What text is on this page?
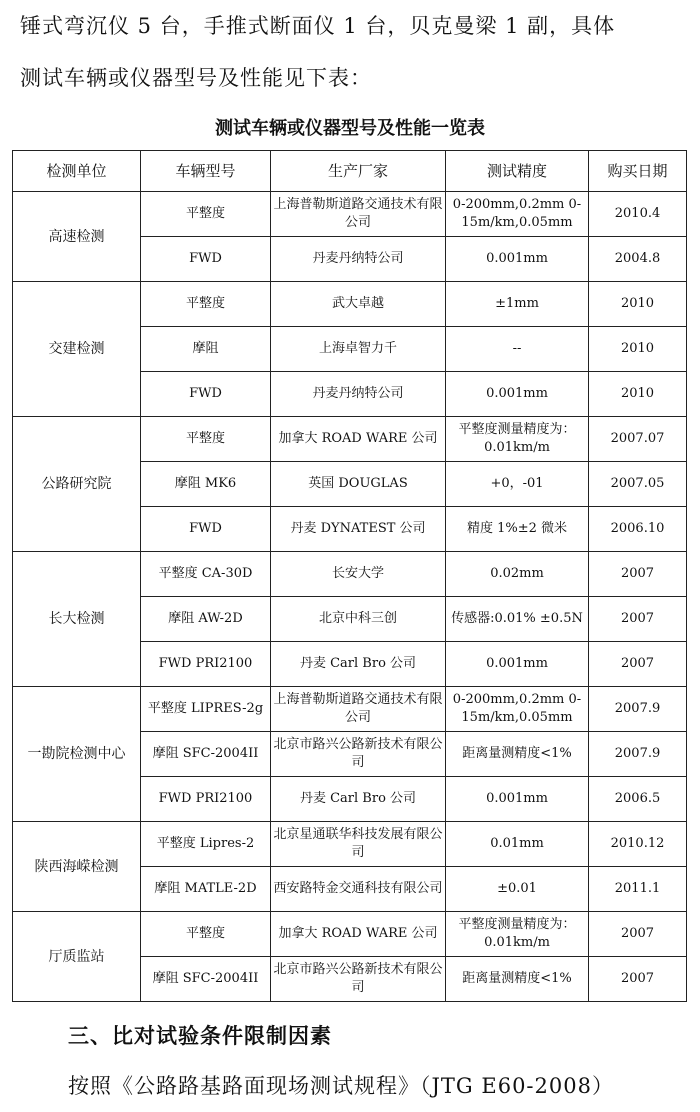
锤式弯沉仪 5 台，手推式断面仪 1 台，贝克曼梁 1 副，具体
测试车辆或仪器型号及性能见下表：
测试车辆或仪器型号及性能一览表
检测单位	车辆型号	生产厂家	测试精度	购买日期
高速检测	平整度	上海普勒斯道路交通技术有限公司	0-200mm,0.2mm 0-15m/km,0.05mm	2010.4
	FWD	丹麦丹纳特公司	0.001mm	2004.8
交建检测	平整度	武大卓越	±1mm	2010
	摩阻	上海卓智力千	--	2010
	FWD	丹麦丹纳特公司	0.001mm	2010
公路研究院	平整度	加拿大 ROAD WARE 公司	平整度测量精度为：0.01km/m	2007.07
	摩阻 MK6	英国 DOUGLAS	+0，-01	2007.05
	FWD	丹麦 DYNATEST 公司	精度 1%±2 微米	2006.10
长大检测	平整度 CA-30D	长安大学	0.02mm	2007
	摩阻 AW-2D	北京中科三创	传感器:0.01% ±0.5N	2007
	FWD PRI2100	丹麦 Carl Bro 公司	0.001mm	2007
一勘院检测中心	平整度 LIPRES-2g	上海普勒斯道路交通技术有限公司	0-200mm,0.2mm 0-15m/km,0.05mm	2007.9
	摩阻 SFC-2004II	北京市路兴公路新技术有限公司	距离量测精度<1%	2007.9
	FWD PRI2100	丹麦 Carl Bro 公司	0.001mm	2006.5
陕西海嵘检测	平整度 Lipres-2	北京星通联华科技发展有限公司	0.01mm	2010.12
	摩阻 MATLE-2D	西安路特金交通科技有限公司	±0.01	2011.1
厅质监站	平整度	加拿大 ROAD WARE 公司	平整度测量精度为：0.01km/m	2007
	摩阻 SFC-2004II	北京市路兴公路新技术有限公司	距离量测精度<1%	2007
三、比对试验条件限制因素
按照《公路路基路面现场测试规程》（JTG E60-2008）
